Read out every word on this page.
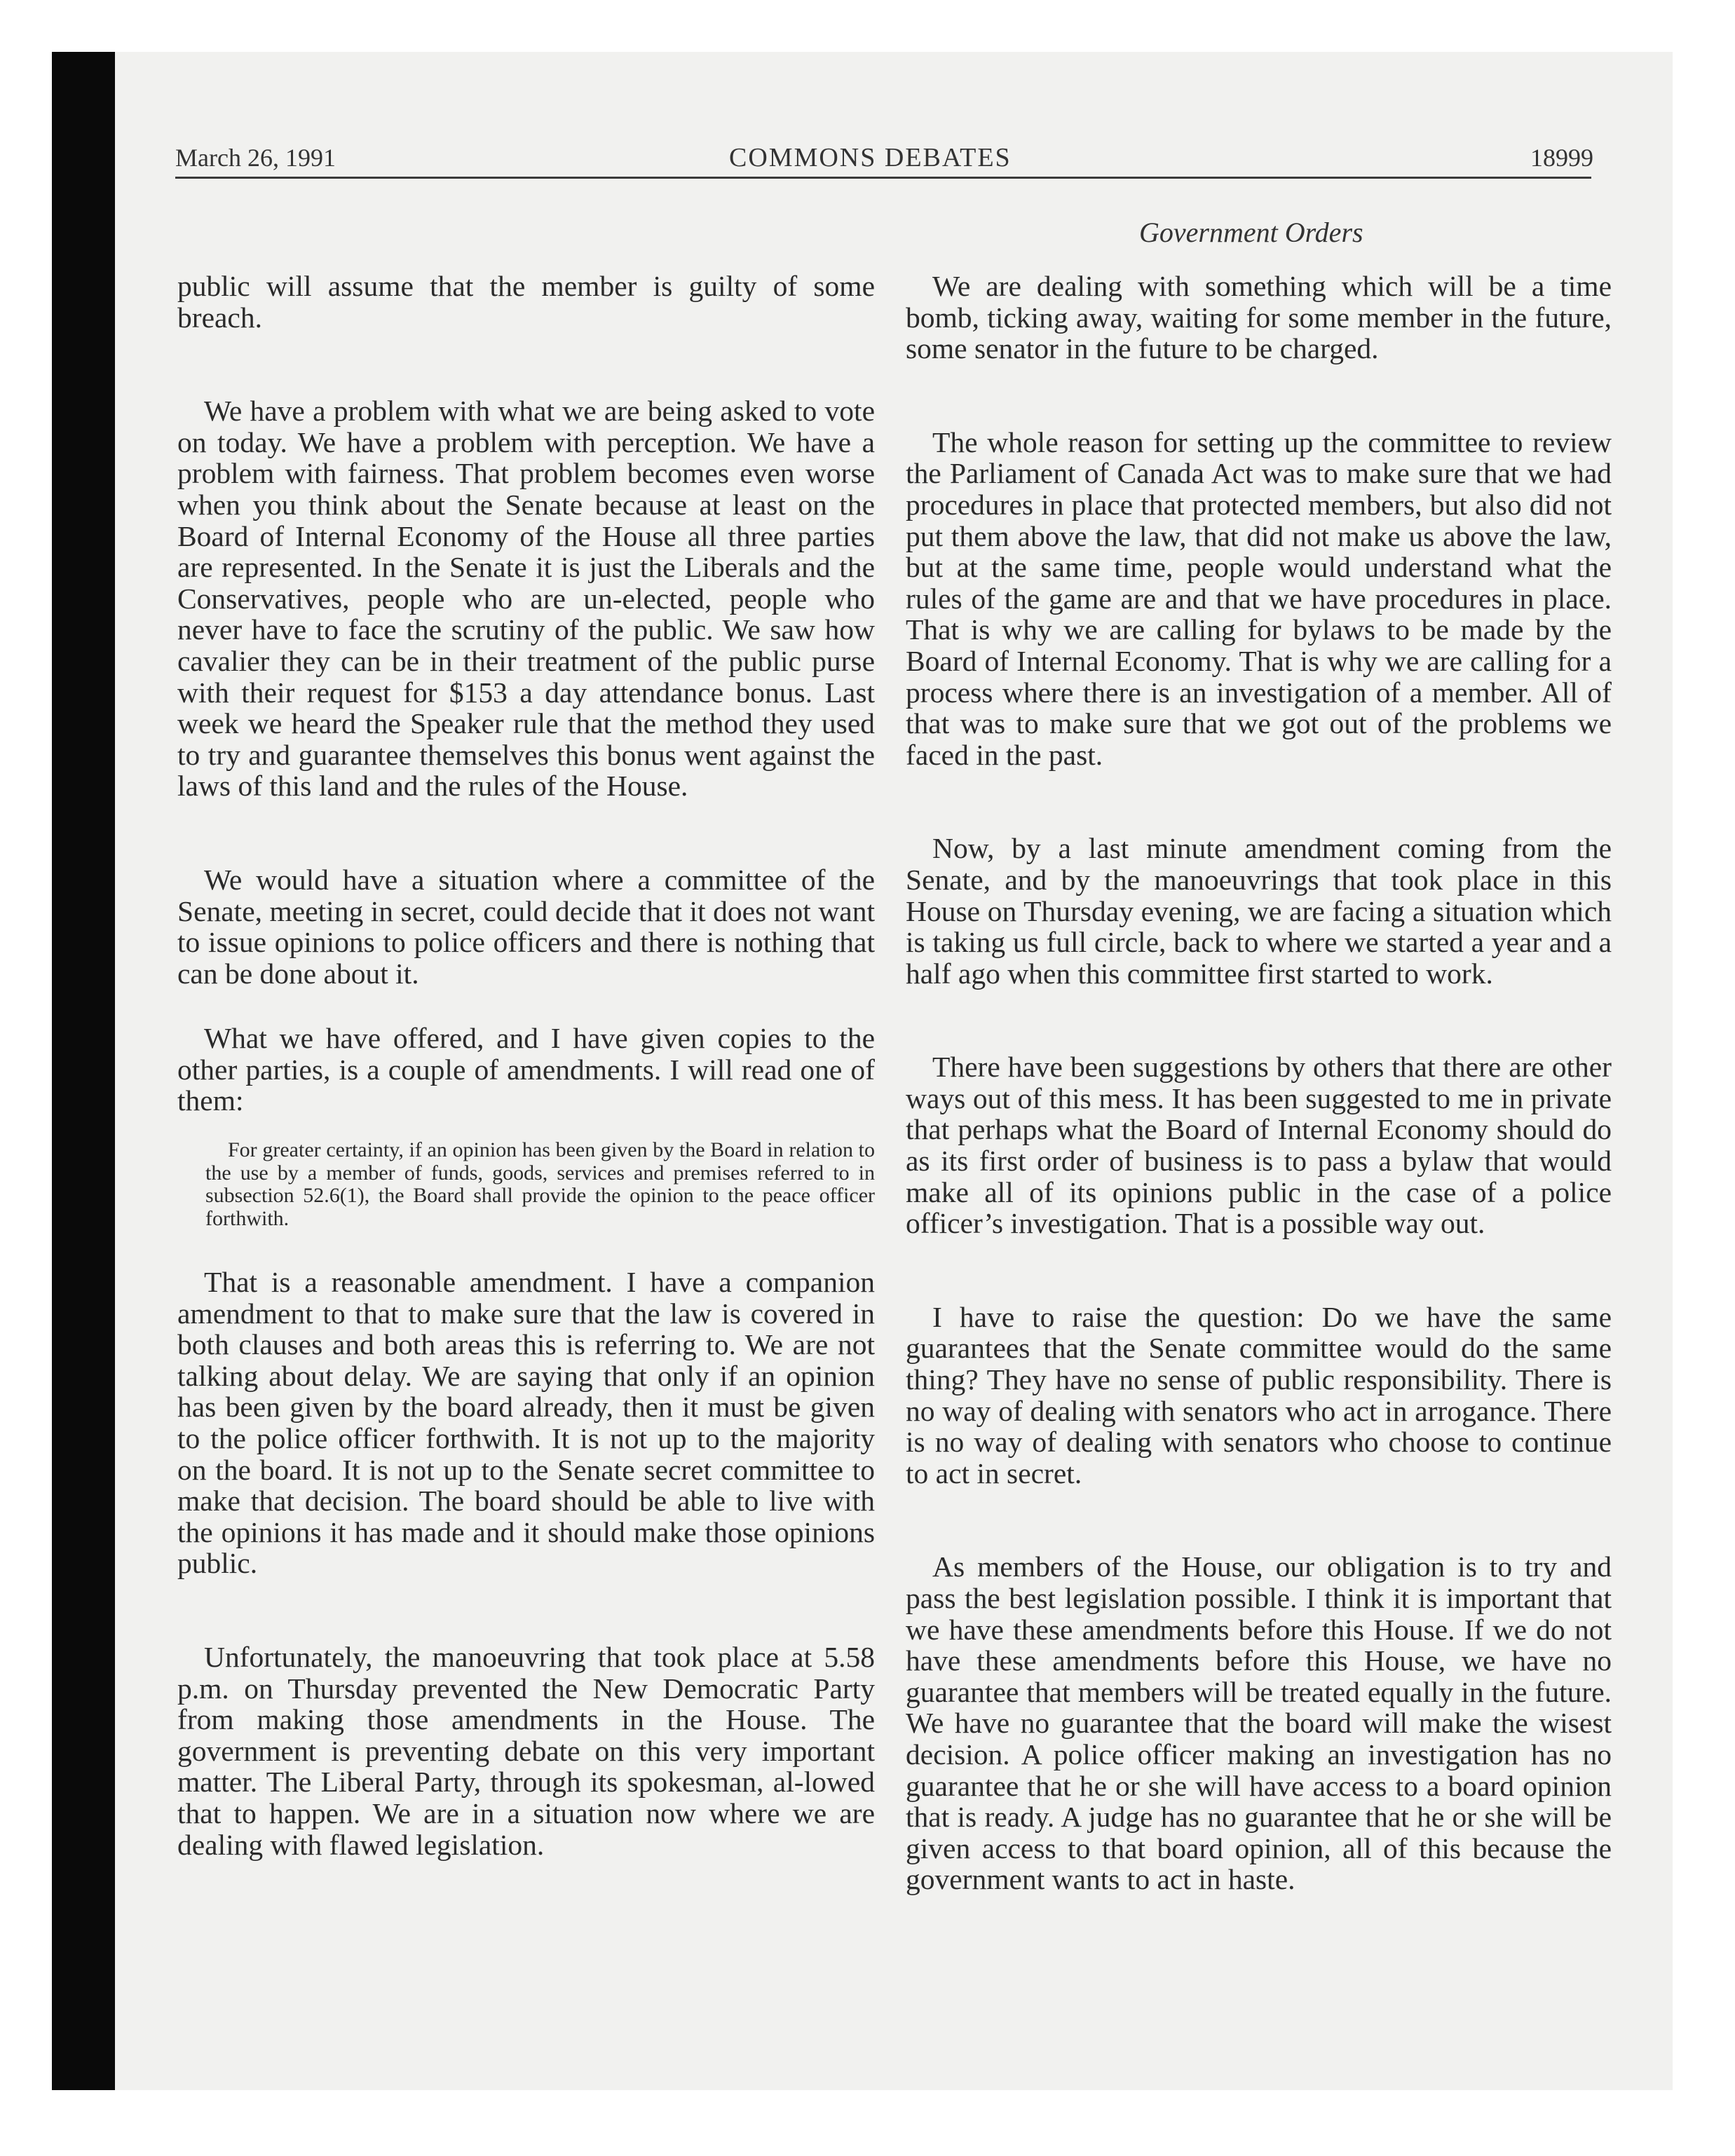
March 26, 1991	COMMONS DEBATES	18999
Government Orders

public will assume that the member is guilty of some breach.

We have a problem with what we are being asked to vote on today. We have a problem with perception. We have a problem with fairness. That problem becomes even worse when you think about the Senate because at least on the Board of Internal Economy of the House all three parties are represented. In the Senate it is just the Liberals and the Conservatives, people who are un-elected, people who never have to face the scrutiny of the public. We saw how cavalier they can be in their treatment of the public purse with their request for $153 a day attendance bonus. Last week we heard the Speaker rule that the method they used to try and guarantee themselves this bonus went against the laws of this land and the rules of the House.

We would have a situation where a committee of the Senate, meeting in secret, could decide that it does not want to issue opinions to police officers and there is nothing that can be done about it.

What we have offered, and I have given copies to the other parties, is a couple of amendments. I will read one of them:

For greater certainty, if an opinion has been given by the Board in relation to the use by a member of funds, goods, services and premises referred to in subsection 52.6(1), the Board shall provide the opinion to the peace officer forthwith.

That is a reasonable amendment. I have a companion amendment to that to make sure that the law is covered in both clauses and both areas this is referring to. We are not talking about delay. We are saying that only if an opinion has been given by the board already, then it must be given to the police officer forthwith. It is not up to the majority on the board. It is not up to the Senate secret committee to make that decision. The board should be able to live with the opinions it has made and it should make those opinions public.

Unfortunately, the manoeuvring that took place at 5.58 p.m. on Thursday prevented the New Democratic Party from making those amendments in the House. The government is preventing debate on this very important matter. The Liberal Party, through its spokesman, al-lowed that to happen. We are in a situation now where we are dealing with flawed legislation.

We are dealing with something which will be a time bomb, ticking away, waiting for some member in the future, some senator in the future to be charged.

The whole reason for setting up the committee to review the Parliament of Canada Act was to make sure that we had procedures in place that protected members, but also did not put them above the law, that did not make us above the law, but at the same time, people would understand what the rules of the game are and that we have procedures in place. That is why we are calling for bylaws to be made by the Board of Internal Economy. That is why we are calling for a process where there is an investigation of a member. All of that was to make sure that we got out of the problems we faced in the past.

Now, by a last minute amendment coming from the Senate, and by the manoeuvrings that took place in this House on Thursday evening, we are facing a situation which is taking us full circle, back to where we started a year and a half ago when this committee first started to work.

There have been suggestions by others that there are other ways out of this mess. It has been suggested to me in private that perhaps what the Board of Internal Economy should do as its first order of business is to pass a bylaw that would make all of its opinions public in the case of a police officer’s investigation. That is a possible way out.

I have to raise the question: Do we have the same guarantees that the Senate committee would do the same thing? They have no sense of public responsibility. There is no way of dealing with senators who act in arrogance. There is no way of dealing with senators who choose to continue to act in secret.

As members of the House, our obligation is to try and pass the best legislation possible. I think it is important that we have these amendments before this House. If we do not have these amendments before this House, we have no guarantee that members will be treated equally in the future. We have no guarantee that the board will make the wisest decision. A police officer making an investigation has no guarantee that he or she will have access to a board opinion that is ready. A judge has no guarantee that he or she will be given access to that board opinion, all of this because the government wants to act in haste.
